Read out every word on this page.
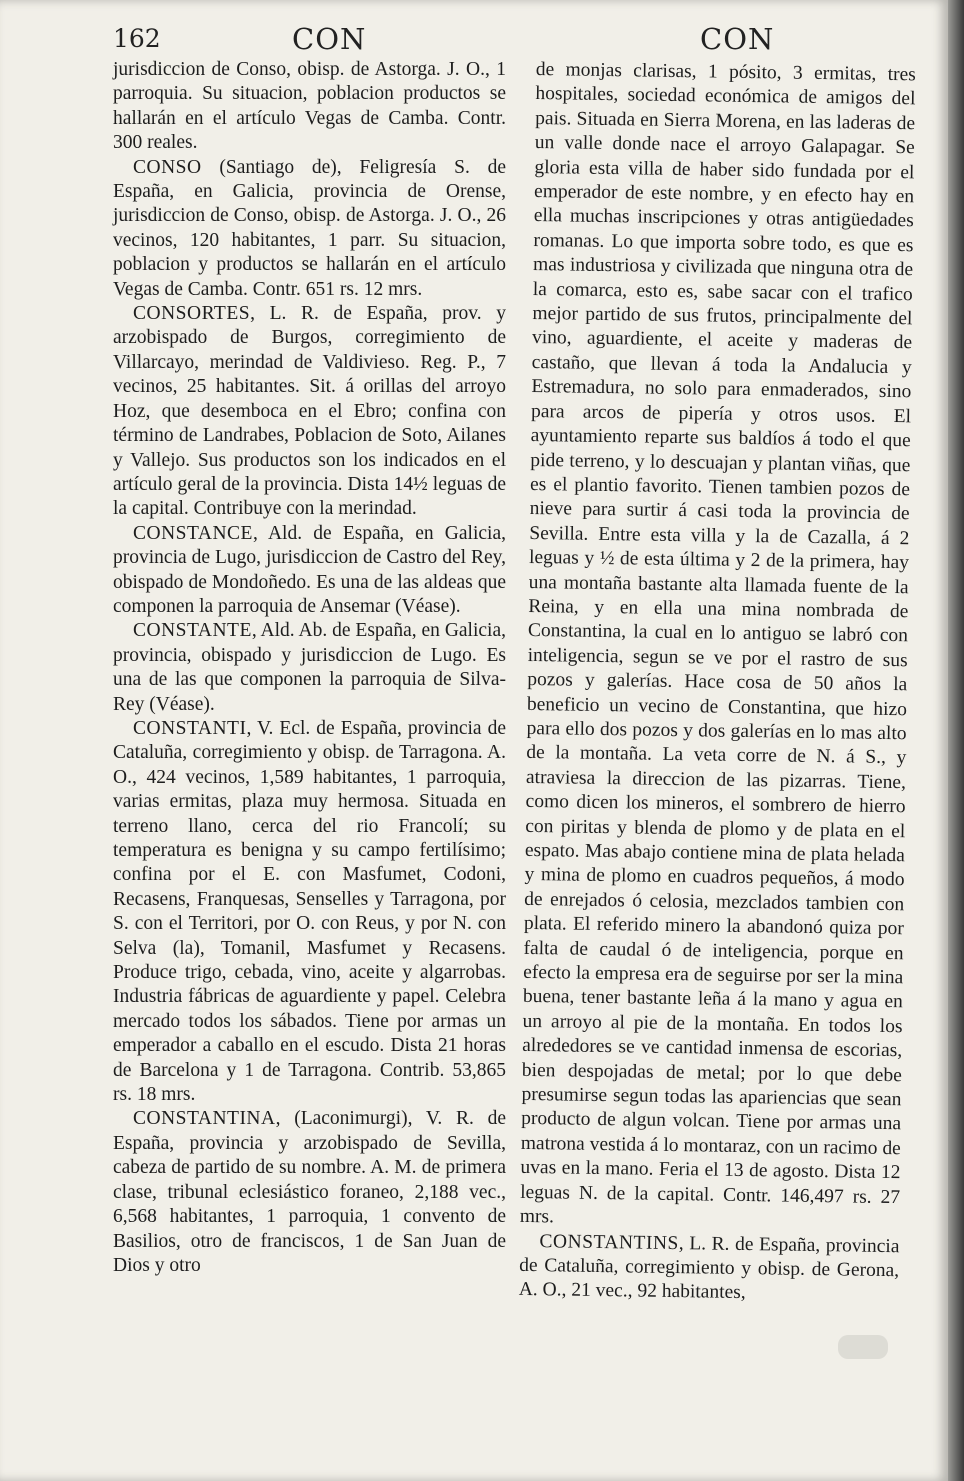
162	CON	CON

jurisdiccion de Conso, obisp. de Astorga. J. O., 1 parroquia. Su situacion, poblacion productos se hallarán en el artículo Vegas de Camba. Contr. 300 reales.

CONSO (Santiago de), Feligresía S. de España, en Galicia, provincia de Orense, jurisdiccion de Conso, obisp. de Astorga. J. O., 26 vecinos, 120 habitantes, 1 parr. Su situacion, poblacion y productos se hallarán en el artículo Vegas de Camba. Contr. 651 rs. 12 mrs.

CONSORTES, L. R. de España, prov. y arzobispado de Burgos, corregimiento de Villarcayo, merindad de Valdivieso. Reg. P., 7 vecinos, 25 habitantes. Sit. á orillas del arroyo Hoz, que desemboca en el Ebro; confina con término de Landrabes, Poblacion de Soto, Ailanes y Vallejo. Sus productos son los indicados en el artículo geral de la provincia. Dista 14½ leguas de la capital. Contribuye con la merindad.

CONSTANCE, Ald. de España, en Galicia, provincia de Lugo, jurisdiccion de Castro del Rey, obispado de Mondoñedo. Es una de las aldeas que componen la parroquia de Ansemar (Véase).

CONSTANTE, Ald. Ab. de España, en Galicia, provincia, obispado y jurisdiccion de Lugo. Es una de las que componen la parroquia de Silva-Rey (Véase).

CONSTANTI, V. Ecl. de España, provincia de Cataluña, corregimiento y obisp. de Tarragona. A. O., 424 vecinos, 1,589 habitantes, 1 parroquia, varias ermitas, plaza muy hermosa. Situada en terreno llano, cerca del rio Francolí; su temperatura es benigna y su campo fertilísimo; confina por el E. con Masfumet, Codoni, Recasens, Franquesas, Senselles y Tarragona, por S. con el Territori, por O. con Reus, y por N. con Selva (la), Tomanil, Masfumet y Recasens. Produce trigo, cebada, vino, aceite y algarrobas. Industria fábricas de aguardiente y papel. Celebra mercado todos los sábados. Tiene por armas un emperador a caballo en el escudo. Dista 21 horas de Barcelona y 1 de Tarragona. Contrib. 53,865 rs. 18 mrs.

CONSTANTINA, (Laconimurgi), V. R. de España, provincia y arzobispado de Sevilla, cabeza de partido de su nombre. A. M. de primera clase, tribunal eclesiástico foraneo, 2,188 vec., 6,568 habitantes, 1 parroquia, 1 convento de Basilios, otro de franciscos, 1 de San Juan de Dios y otro

de monjas clarisas, 1 pósito, 3 ermitas, tres hospitales, sociedad económica de amigos del pais. Situada en Sierra Morena, en las laderas de un valle donde nace el arroyo Galapagar. Se gloria esta villa de haber sido fundada por el emperador de este nombre, y en efecto hay en ella muchas inscripciones y otras antigüedades romanas. Lo que importa sobre todo, es que es mas industriosa y civilizada que ninguna otra de la comarca, esto es, sabe sacar con el trafico mejor partido de sus frutos, principalmente del vino, aguardiente, el aceite y maderas de castaño, que llevan á toda la Andalucia y Estremadura, no solo para enmaderados, sino para arcos de pipería y otros usos. El ayuntamiento reparte sus baldíos á todo el que pide terreno, y lo descuajan y plantan viñas, que es el plantio favorito. Tienen tambien pozos de nieve para surtir á casi toda la provincia de Sevilla. Entre esta villa y la de Cazalla, á 2 leguas y ½ de esta última y 2 de la primera, hay una montaña bastante alta llamada fuente de la Reina, y en ella una mina nombrada de Constantina, la cual en lo antiguo se labró con inteligencia, segun se ve por el rastro de sus pozos y galerías. Hace cosa de 50 años la beneficio un vecino de Constantina, que hizo para ello dos pozos y dos galerías en lo mas alto de la montaña. La veta corre de N. á S., y atraviesa la direccion de las pizarras. Tiene, como dicen los mineros, el sombrero de hierro con piritas y blenda de plomo y de plata en el espato. Mas abajo contiene mina de plata helada y mina de plomo en cuadros pequeños, á modo de enrejados ó celosia, mezclados tambien con plata. El referido minero la abandonó quiza por falta de caudal ó de inteligencia, porque en efecto la empresa era de seguirse por ser la mina buena, tener bastante leña á la mano y agua en un arroyo al pie de la montaña. En todos los alrededores se ve cantidad inmensa de escorias, bien despojadas de metal; por lo que debe presumirse segun todas las apariencias que sean producto de algun volcan. Tiene por armas una matrona vestida á lo montaraz, con un racimo de uvas en la mano. Feria el 13 de agosto. Dista 12 leguas N. de la capital. Contr. 146,497 rs. 27 mrs.

CONSTANTINS, L. R. de España, provincia de Cataluña, corregimiento y obisp. de Gerona, A. O., 21 vec., 92 habitantes,
